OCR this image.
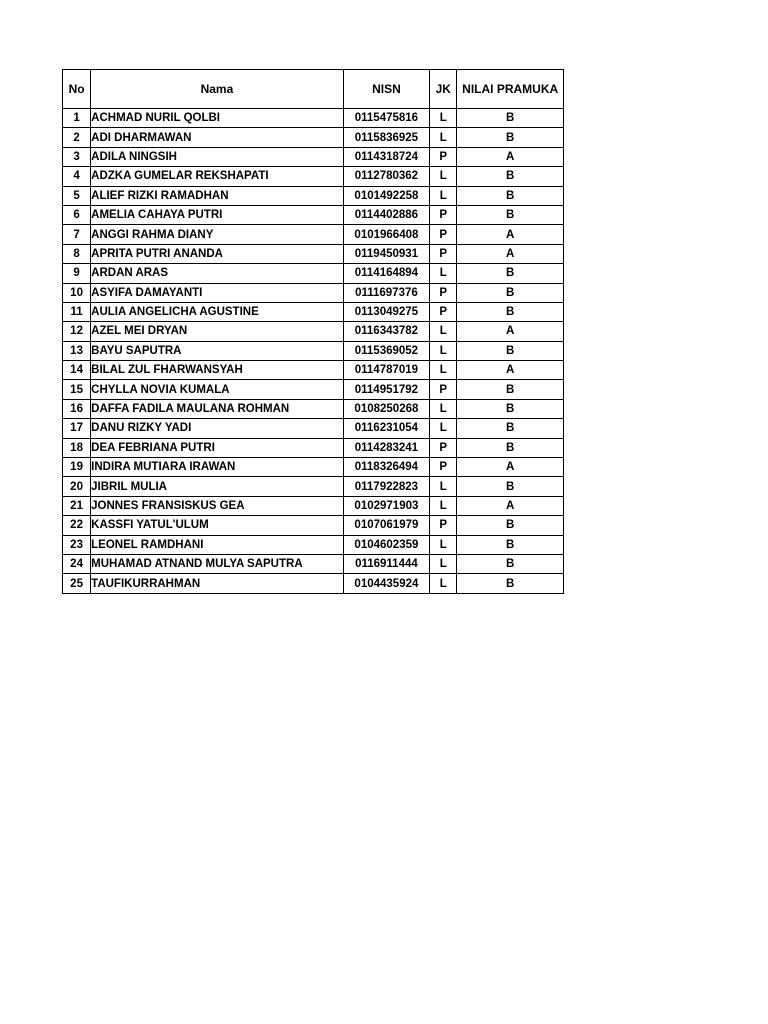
No	Nama	NISN	JK	NILAI PRAMUKA
1	ACHMAD NURIL QOLBI	0115475816	L	B
2	ADI DHARMAWAN	0115836925	L	B
3	ADILA NINGSIH	0114318724	P	A
4	ADZKA GUMELAR REKSHAPATI	0112780362	L	B
5	ALIEF RIZKI RAMADHAN	0101492258	L	B
6	AMELIA CAHAYA PUTRI	0114402886	P	B
7	ANGGI RAHMA DIANY	0101966408	P	A
8	APRITA PUTRI ANANDA	0119450931	P	A
9	ARDAN ARAS	0114164894	L	B
10	ASYIFA DAMAYANTI	0111697376	P	B
11	AULIA ANGELICHA AGUSTINE	0113049275	P	B
12	AZEL MEI DRYAN	0116343782	L	A
13	BAYU SAPUTRA	0115369052	L	B
14	BILAL ZUL FHARWANSYAH	0114787019	L	A
15	CHYLLA NOVIA KUMALA	0114951792	P	B
16	DAFFA FADILA MAULANA ROHMAN	0108250268	L	B
17	DANU RIZKY YADI	0116231054	L	B
18	DEA FEBRIANA PUTRI	0114283241	P	B
19	INDIRA MUTIARA IRAWAN	0118326494	P	A
20	JIBRIL MULIA	0117922823	L	B
21	JONNES FRANSISKUS GEA	0102971903	L	A
22	KASSFI YATUL'ULUM	0107061979	P	B
23	LEONEL RAMDHANI	0104602359	L	B
24	MUHAMAD ATNAND MULYA SAPUTRA	0116911444	L	B
25	TAUFIKURRAHMAN	0104435924	L	B
